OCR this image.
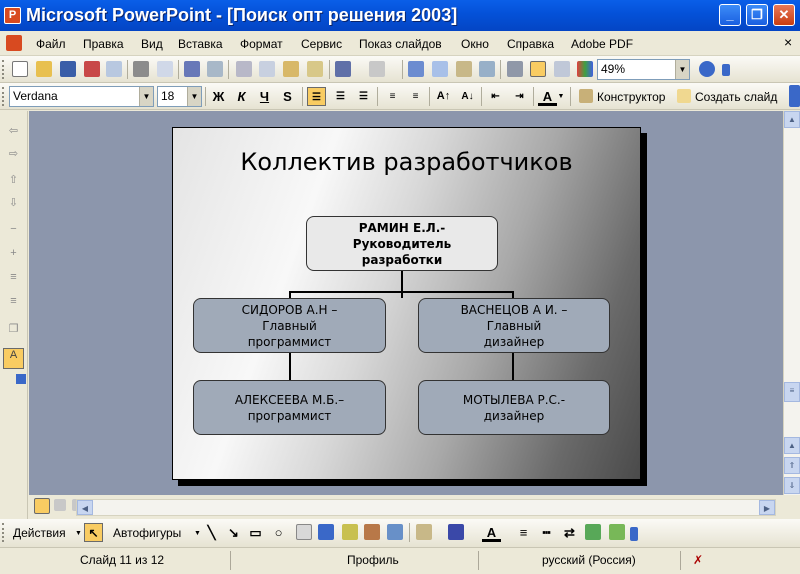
P Microsoft PowerPoint - [Поиск опт решения 2003]	_	❐	✕
Файл Правка Вид Вставка Формат Сервис Показ слайдов Окно Справка Adobe PDF	×
49%	▼
Verdana	▼ 18	▼ Ж	К	Ч	S	☰	☰	☰	≡	≡	A↑	A↓	⇤	⇥	A ▼	Конструктор Создать слайд
⇦
⇨
⇧
⇩
−
+
≡
≡
❐
A
Коллектив разработчиков
РАМИН Е.Л.-
Руководитель
разработки
СИДОРОВ А.Н –
Главный
программист
ВАСНЕЦОВ А И. –
Главный
дизайнер
АЛЕКСЕЕВА М.Б.–
программист
МОТЫЛЕВА Р.С.-
дизайнер
▲
≡
▲
⇑
⇓
◀	▶
Действия	▼ ↖	Автофигуры	▼ ╲ ↘ ▭ ○	A	≡	┅	⇄
Слайд 11 из 12	Профиль	русский (Россия)	✗
